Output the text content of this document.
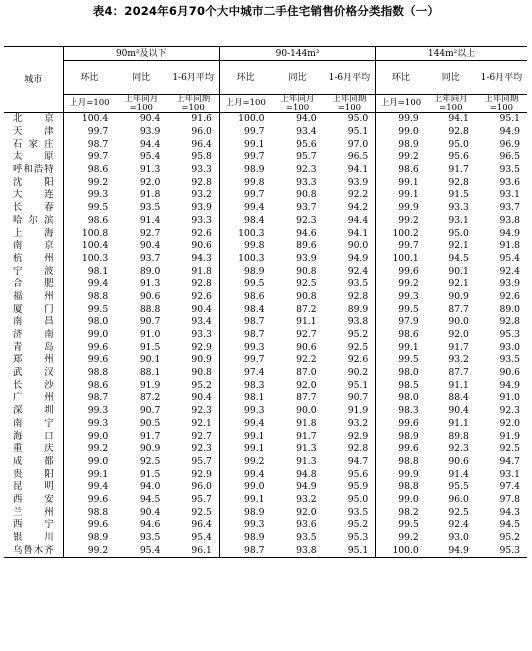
表4：2024年6月70个大中城市二手住宅销售价格分类指数（一）
城市	90m²及以下			90-144m²			144m²以上		
	环比	同比	1-6月平均	环比	同比	1-6月平均	环比	同比	1-6月平均
	上月=100	上年同月=100	上年同期=100	上月=100	上年同月=100	上年同期=100	上月=100	上年同月=100	上年同期=100
北京	100.4	90.4	91.6	100.0	94.0	95.0	99.9	94.1	95.1
天津	99.7	93.9	96.0	99.7	93.4	95.1	99.0	92.8	94.9
石家庄	98.7	94.4	96.4	99.1	95.6	97.0	98.9	95.0	96.9
太原	99.7	95.4	95.8	99.7	95.7	96.5	99.2	95.6	96.5
呼和浩特	98.6	91.3	93.3	98.9	92.3	94.1	98.6	91.7	93.5
沈阳	99.2	92.0	92.8	99.8	93.3	93.9	99.1	92.8	93.6
大连	99.3	91.8	93.2	99.7	90.8	92.2	99.1	91.5	93.1
长春	99.5	93.5	93.9	99.4	93.7	94.2	99.9	93.3	93.7
哈尔滨	98.6	91.4	93.3	98.4	92.3	94.4	99.2	93.1	93.8
上海	100.8	92.7	92.6	100.3	94.6	94.1	100.2	95.0	94.9
南京	100.4	90.4	90.6	99.8	89.6	90.0	99.7	92.1	91.8
杭州	100.3	93.7	94.3	100.3	93.9	94.9	100.1	94.5	95.4
宁波	98.1	89.0	91.8	98.9	90.8	92.4	99.6	90.1	92.4
合肥	99.4	91.3	92.8	99.5	92.5	93.5	99.2	92.1	93.9
福州	98.8	90.6	92.6	98.6	90.8	92.8	99.3	90.9	92.6
厦门	99.5	88.8	90.4	98.4	87.2	89.9	99.5	87.7	89.0
南昌	98.0	90.7	93.4	98.7	91.1	93.8	97.9	90.0	92.8
济南	99.0	91.0	93.3	98.7	92.7	95.2	98.6	92.0	95.3
青岛	99.6	91.5	92.9	99.3	90.6	92.5	99.1	91.7	93.0
郑州	99.6	90.1	90.9	99.7	92.2	92.6	99.5	93.2	93.5
武汉	98.8	88.1	90.8	97.4	87.0	90.2	98.0	87.7	90.6
长沙	98.6	91.9	95.2	98.3	92.0	95.1	98.5	91.1	94.9
广州	98.7	87.2	90.4	98.1	87.7	90.7	98.0	88.4	91.0
深圳	99.3	90.7	92.3	99.3	90.0	91.9	98.3	90.4	92.3
南宁	99.3	90.5	92.1	99.4	91.8	93.2	99.6	91.1	92.0
海口	99.0	91.7	92.7	99.1	91.7	92.9	98.9	89.8	91.9
重庆	99.2	90.9	92.3	99.1	91.3	92.8	99.6	92.3	92.5
成都	99.0	92.5	95.7	99.2	91.3	94.7	98.8	90.6	94.7
贵阳	99.1	91.5	92.9	99.4	94.8	95.6	99.9	91.4	93.1
昆明	99.4	94.0	96.0	99.0	94.9	95.9	98.8	95.5	97.4
西安	99.6	94.5	95.7	99.1	93.2	95.0	99.0	96.0	97.8
兰州	98.8	90.4	92.5	98.9	92.0	93.5	98.2	92.5	94.3
西宁	99.6	94.6	96.4	99.3	93.6	95.2	99.5	92.4	94.5
银川	98.9	93.5	95.4	98.9	93.5	95.3	99.2	93.0	95.2
乌鲁木齐	99.2	95.4	96.1	98.7	93.8	95.1	100.0	94.9	95.3
